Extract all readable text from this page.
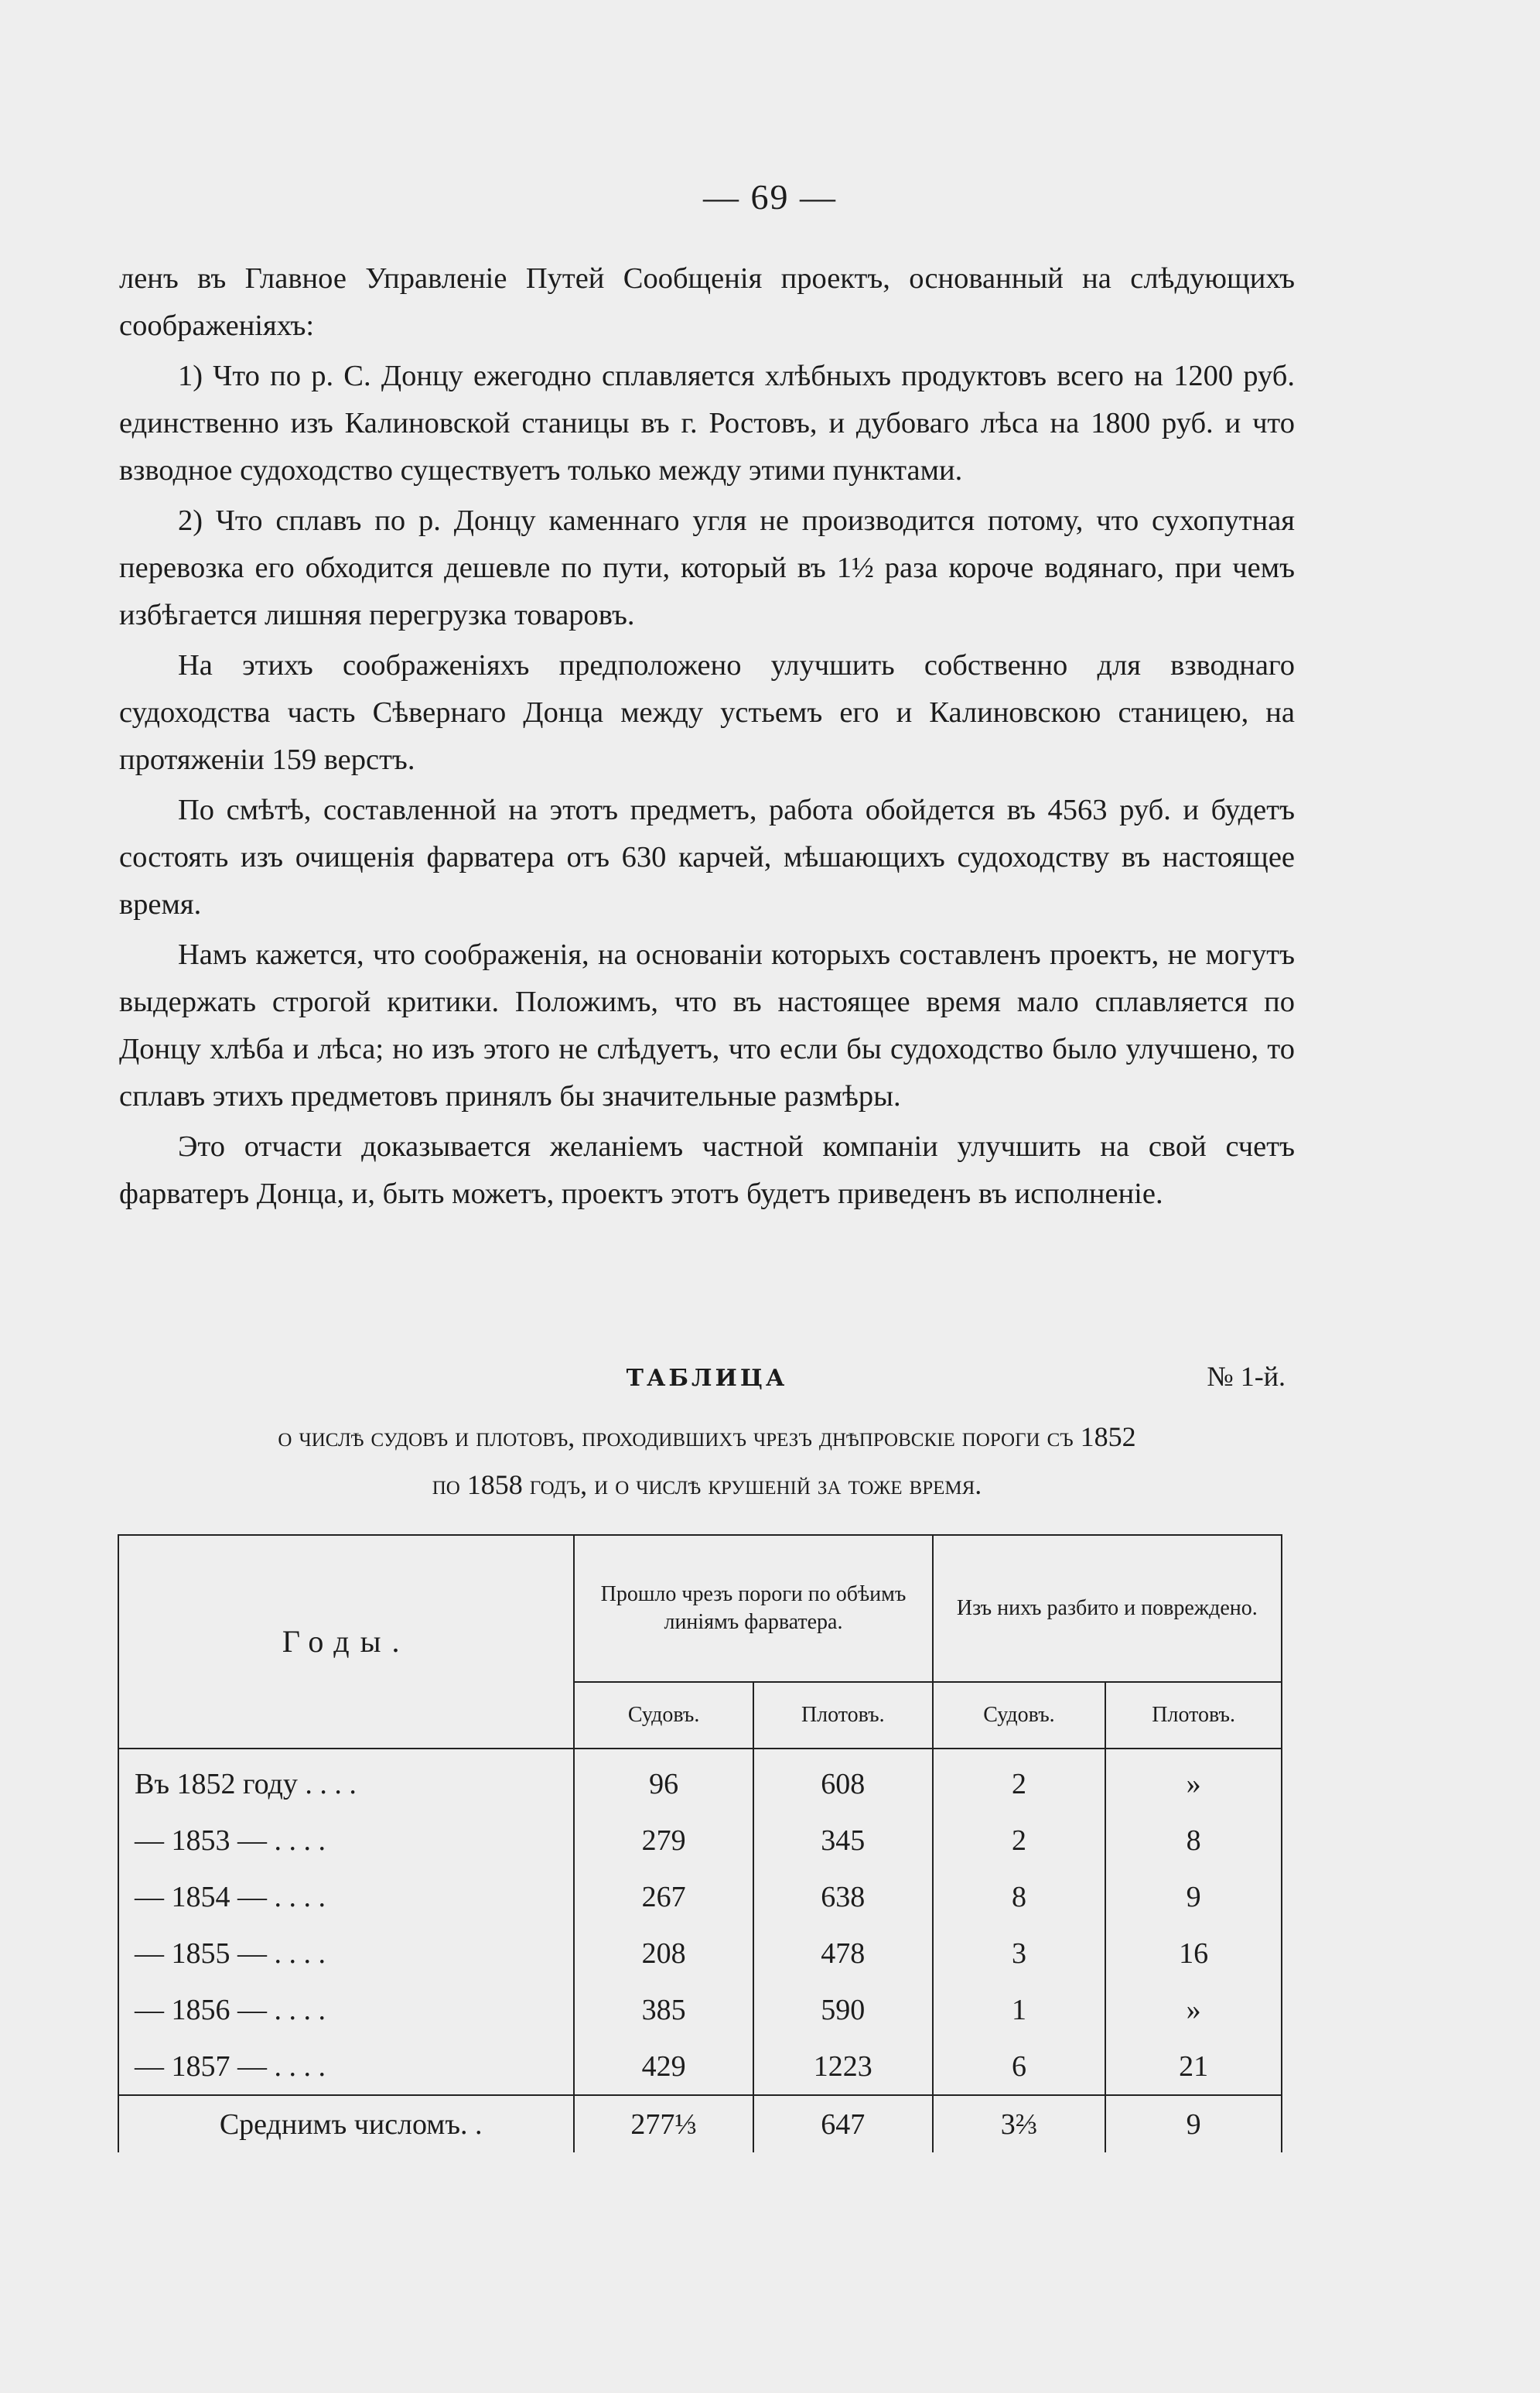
— 69 —

ленъ въ Главное Управленіе Путей Сообщенія проектъ, основанный на слѣдующихъ соображеніяхъ:

1) Что по р. С. Донцу ежегодно сплавляется хлѣбныхъ продуктовъ всего на 1200 руб. единственно изъ Калиновской станицы въ г. Ростовъ, и дубоваго лѣса на 1800 руб. и что взводное судоходство существуетъ только между этими пунктами.

2) Что сплавъ по р. Донцу каменнаго угля не производится потому, что сухопутная перевозка его обходится дешевле по пути, который въ 1½ раза короче водянаго, при чемъ избѣгается лишняя перегрузка товаровъ.

На этихъ соображеніяхъ предположено улучшить собственно для взводнаго судоходства часть Сѣвернаго Донца между устьемъ его и Калиновскою станицею, на протяженіи 159 верстъ.

По смѣтѣ, составленной на этотъ предметъ, работа обойдется въ 4563 руб. и будетъ состоять изъ очищенія фарватера отъ 630 карчей, мѣшающихъ судоходству въ настоящее время.

Намъ кажется, что соображенія, на основаніи которыхъ составленъ проектъ, не могутъ выдержать строгой критики. Положимъ, что въ настоящее время мало сплавляется по Донцу хлѣба и лѣса; но изъ этого не слѣдуетъ, что если бы судоходство было улучшено, то сплавъ этихъ предметовъ принялъ бы значительные размѣры.

Это отчасти доказывается желаніемъ частной компаніи улучшить на свой счетъ фарватеръ Донца, и, быть можетъ, проектъ этотъ будетъ приведенъ въ исполненіе.

ТАБЛИЦА	№ 1-й.
о числѣ судовъ и плотовъ, проходившихъ чрезъ днѣпровскіе пороги съ 1852
по 1858 годъ, и о числѣ крушеній за тоже время.
Годы.	Прошло чрезъ пороги по обѣимъ линіямъ фарватера.		Изъ нихъ разбито и повреждено.	
	Судовъ.	Плотовъ.	Судовъ.	Плотовъ.
Въ 1852 году . . . .	96	608	2	»
— 1853 — . . . .	279	345	2	8
— 1854 — . . . .	267	638	8	9
— 1855 — . . . .	208	478	3	16
— 1856 — . . . .	385	590	1	»
— 1857 — . . . .	429	1223	6	21
Среднимъ числомъ. .	277⅓	647	3⅔	9
